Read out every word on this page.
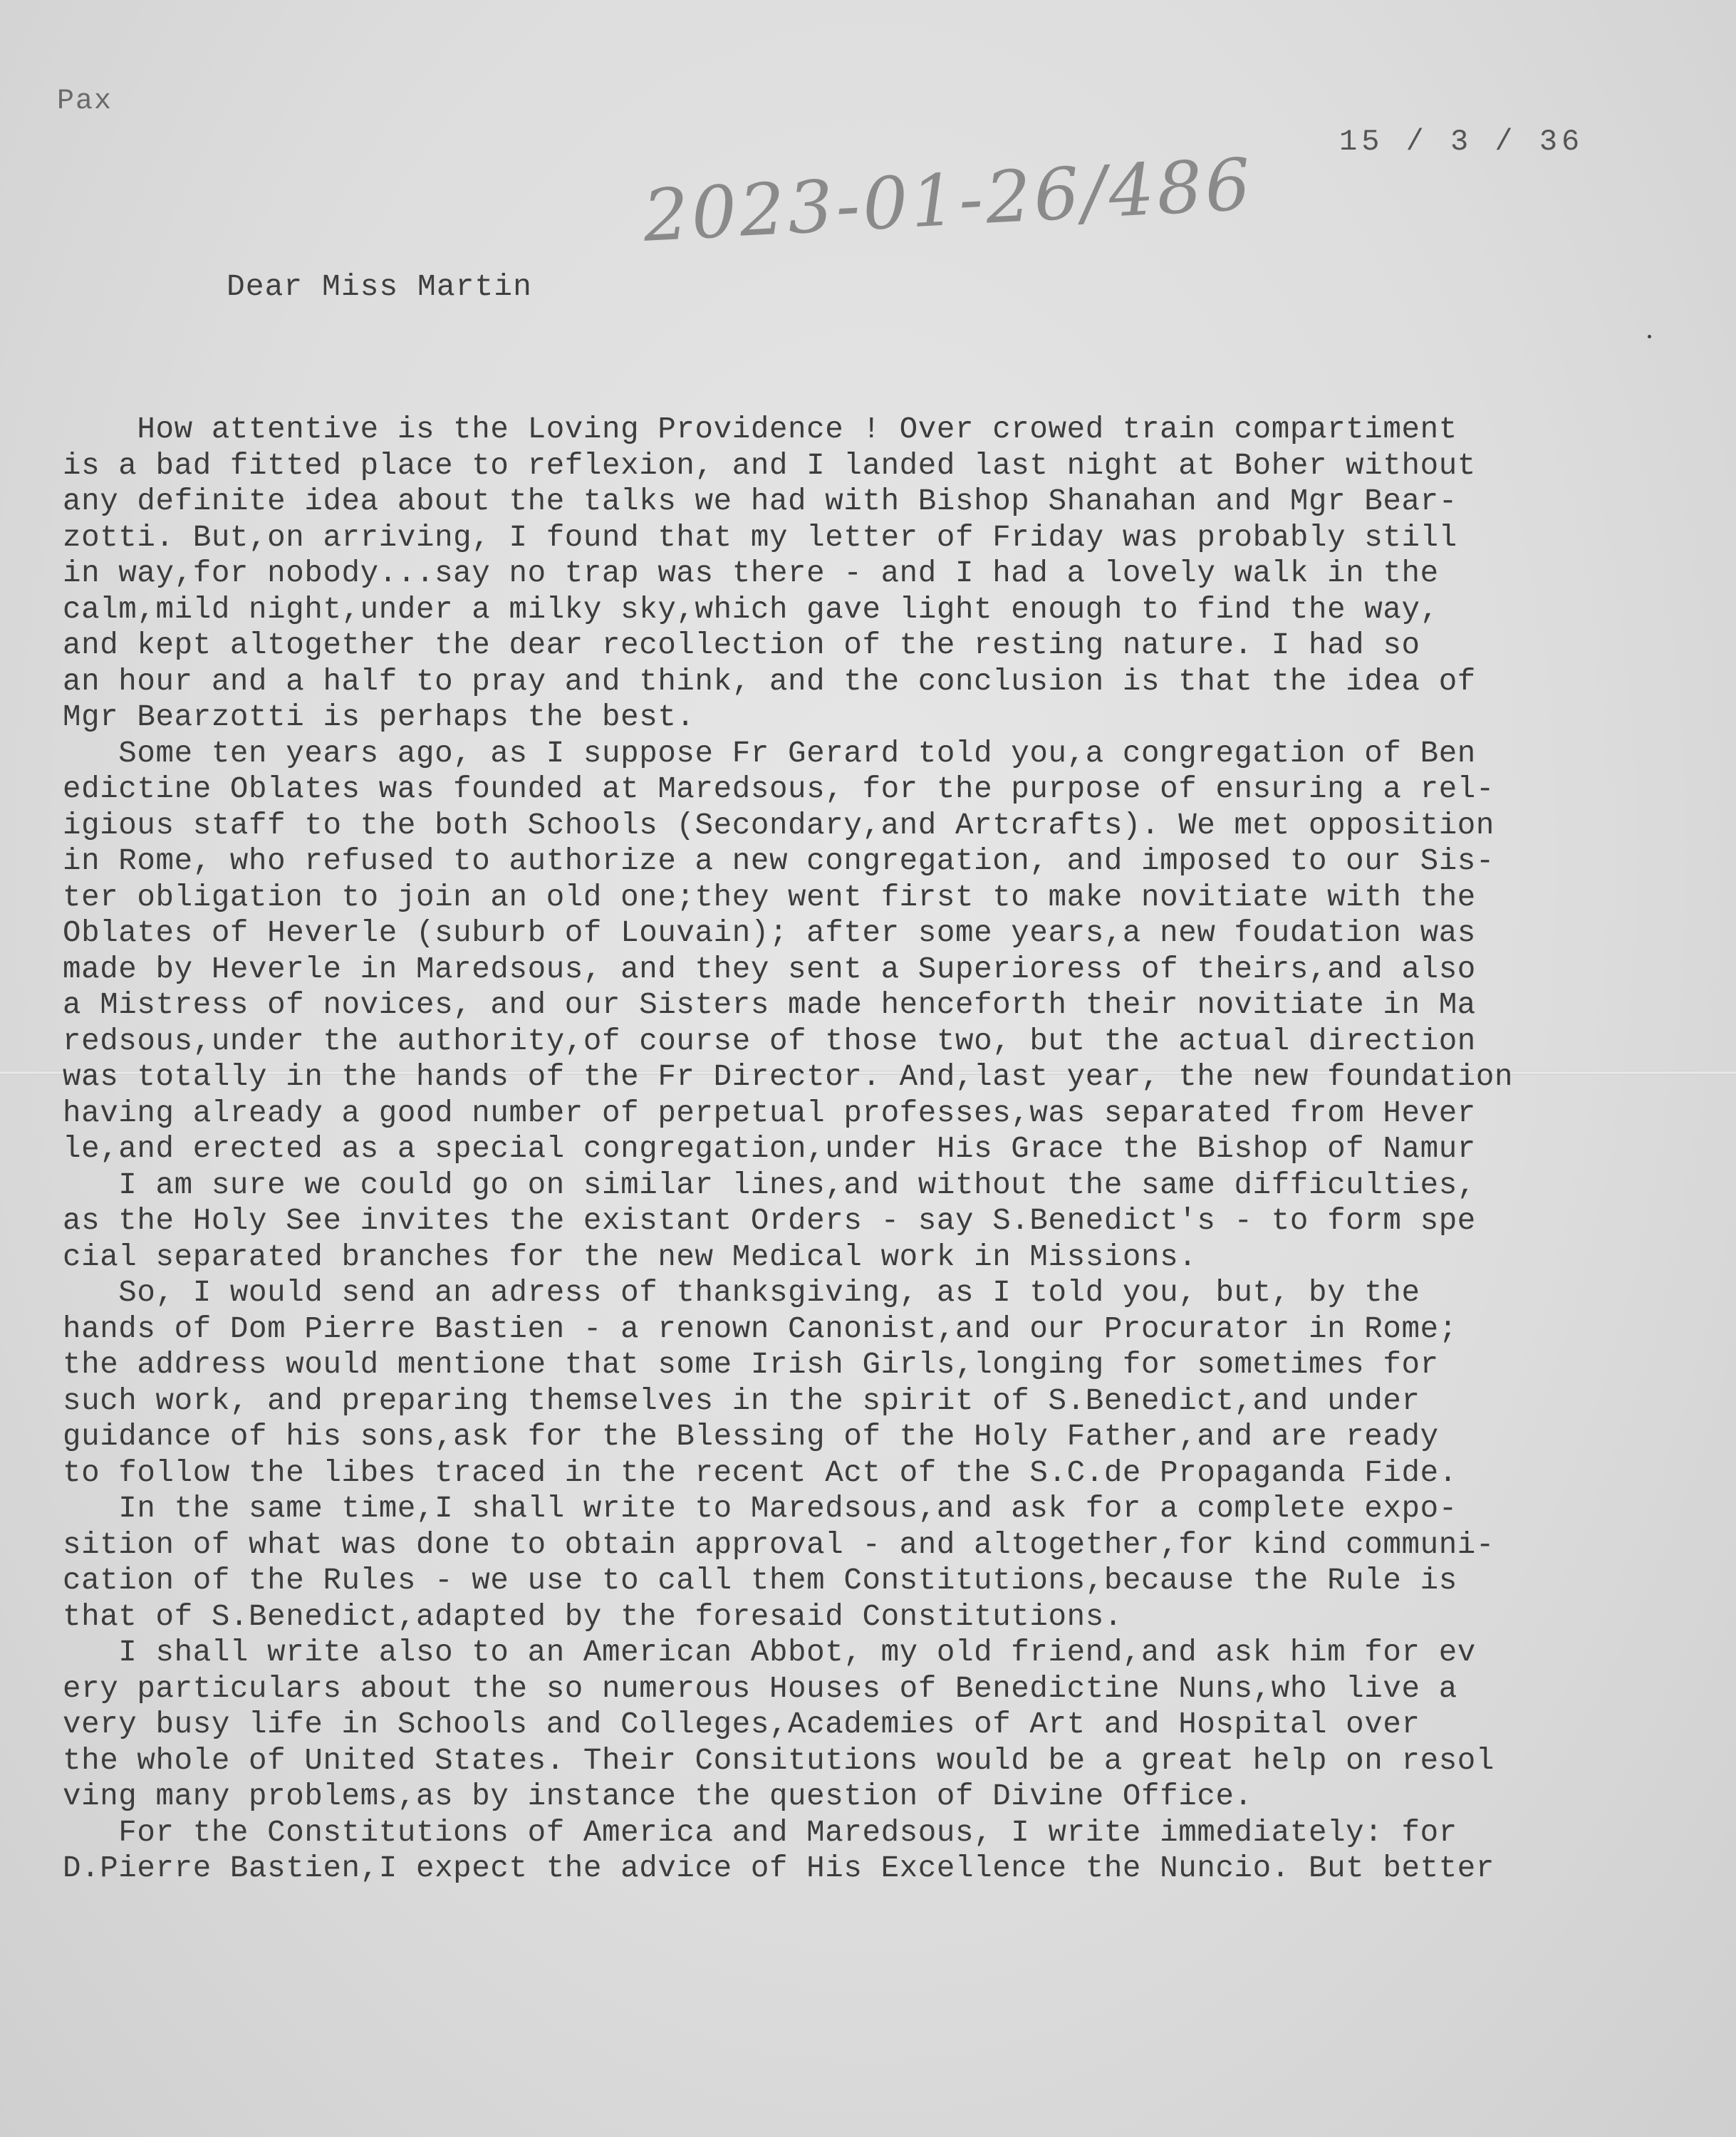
Pax
15 / 3 / 36
2023-01-26/486
Dear Miss Martin
How attentive is the Loving Providence ! Over crowed train compartiment
is a bad fitted place to reflexion, and I landed last night at Boher without
any definite idea about the talks we had with Bishop Shanahan and Mgr Bear-
zotti. But,on arriving, I found that my letter of Friday was probably still
in way,for nobody...say no trap was there - and I had a lovely walk in the
calm,mild night,under a milky sky,which gave light enough to find the way,
and kept altogether the dear recollection of the resting nature. I had so
an hour and a half to pray and think, and the conclusion is that the idea of
Mgr Bearzotti is perhaps the best.
Some ten years ago, as I suppose Fr Gerard told you,a congregation of Ben
edictine Oblates was founded at Maredsous, for the purpose of ensuring a rel-
igious staff to the both Schools (Secondary,and Artcrafts). We met opposition
in Rome, who refused to authorize a new congregation, and imposed to our Sis-
ter obligation to join an old one;they went first to make novitiate with the
Oblates of Heverle (suburb of Louvain); after some years,a new foudation was
made by Heverle in Maredsous, and they sent a Superioress of theirs,and also
a Mistress of novices, and our Sisters made henceforth their novitiate in Ma
redsous,under the authority,of course of those two, but the actual direction
was totally in the hands of the Fr Director. And,last year, the new foundation
having already a good number of perpetual professes,was separated from Hever
le,and erected as a special congregation,under His Grace the Bishop of Namur
I am sure we could go on similar lines,and without the same difficulties,
as the Holy See invites the existant Orders - say S.Benedict's - to form spe
cial separated branches for the new Medical work in Missions.
So, I would send an adress of thanksgiving, as I told you, but, by the
hands of Dom Pierre Bastien - a renown Canonist,and our Procurator in Rome;
the address would mentione that some Irish Girls,longing for sometimes for
such work, and preparing themselves in the spirit of S.Benedict,and under
guidance of his sons,ask for the Blessing of the Holy Father,and are ready
to follow the libes traced in the recent Act of the S.C.de Propaganda Fide.
In the same time,I shall write to Maredsous,and ask for a complete expo-
sition of what was done to obtain approval - and altogether,for kind communi-
cation of the Rules - we use to call them Constitutions,because the Rule is
that of S.Benedict,adapted by the foresaid Constitutions.
I shall write also to an American Abbot, my old friend,and ask him for ev
ery particulars about the so numerous Houses of Benedictine Nuns,who live a
very busy life in Schools and Colleges,Academies of Art and Hospital over
the whole of United States. Their Consitutions would be a great help on resol
ving many problems,as by instance the question of Divine Office.
For the Constitutions of America and Maredsous, I write immediately: for
D.Pierre Bastien,I expect the advice of His Excellence the Nuncio. But better
